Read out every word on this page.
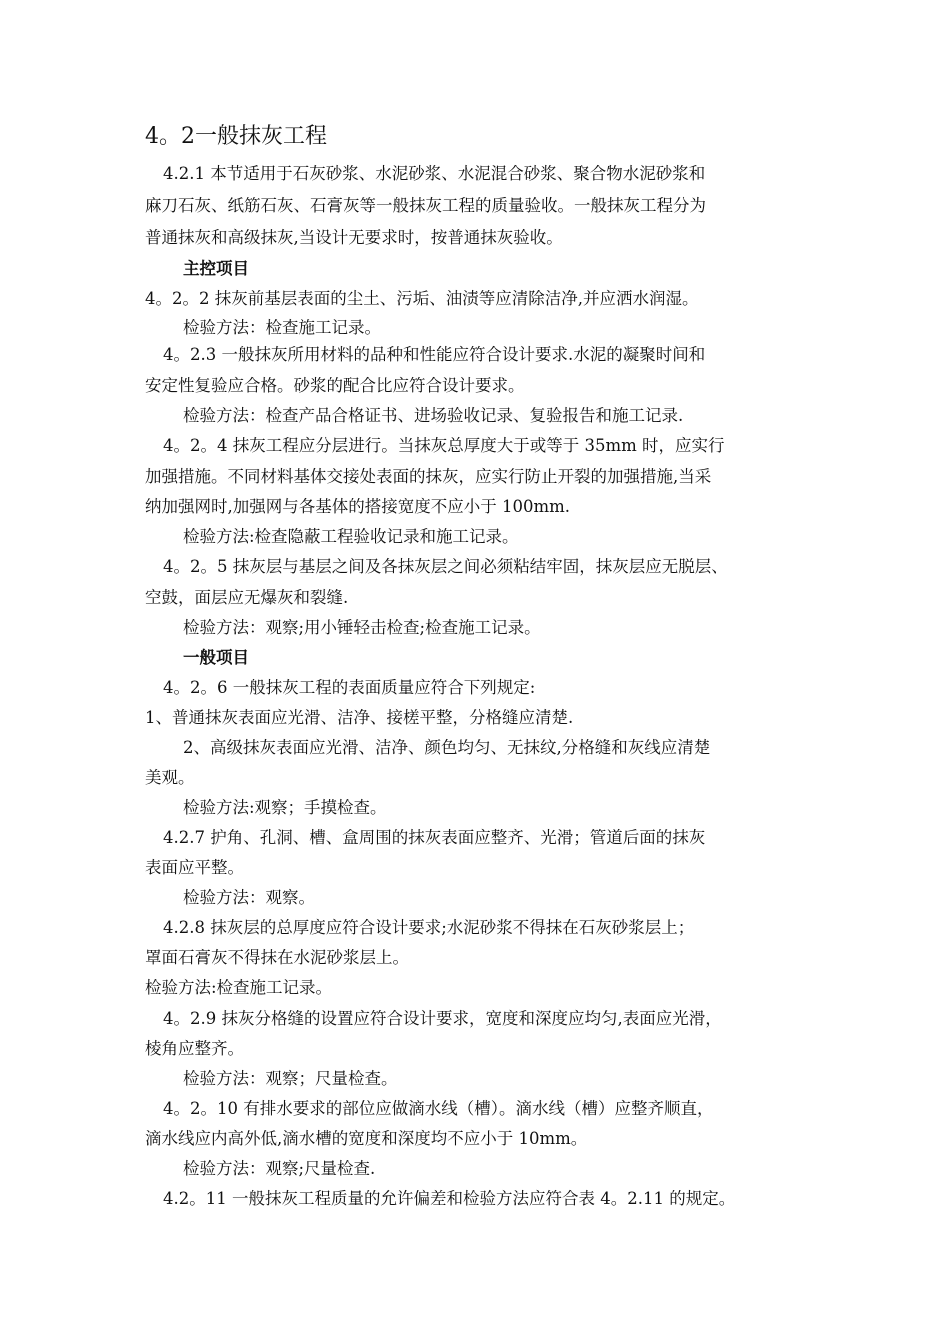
4。2一般抹灰工程
4.2.1 本节适用于石灰砂浆、水泥砂浆、水泥混合砂浆、聚合物水泥砂浆和
麻刀石灰、纸筋石灰、石膏灰等一般抹灰工程的质量验收。一般抹灰工程分为
普通抹灰和高级抹灰,当设计无要求时，按普通抹灰验收。
主控项目
4。2。2 抹灰前基层表面的尘土、污垢、油渍等应清除洁净,并应洒水润湿。
检验方法：检查施工记录。
4。2.3 一般抹灰所用材料的品种和性能应符合设计要求.水泥的凝聚时间和
安定性复验应合格。砂浆的配合比应符合设计要求。
检验方法：检查产品合格证书、进场验收记录、复验报告和施工记录.
4。2。4 抹灰工程应分层进行。当抹灰总厚度大于或等于 35mm 时，应实行
加强措施。不同材料基体交接处表面的抹灰，应实行防止开裂的加强措施,当采
纳加强网时,加强网与各基体的搭接宽度不应小于 100mm.
检验方法:检查隐蔽工程验收记录和施工记录。
4。2。5 抹灰层与基层之间及各抹灰层之间必须粘结牢固，抹灰层应无脱层、
空鼓，面层应无爆灰和裂缝.
检验方法：观察;用小锤轻击检查;检查施工记录。
一般项目
4。2。6 一般抹灰工程的表面质量应符合下列规定:
1、普通抹灰表面应光滑、洁净、接槎平整，分格缝应清楚.
2、高级抹灰表面应光滑、洁净、颜色均匀、无抹纹,分格缝和灰线应清楚
美观。
检验方法:观察；手摸检查。
4.2.7 护角、孔洞、槽、盒周围的抹灰表面应整齐、光滑；管道后面的抹灰
表面应平整。
检验方法：观察。
4.2.8 抹灰层的总厚度应符合设计要求;水泥砂浆不得抹在石灰砂浆层上；
罩面石膏灰不得抹在水泥砂浆层上。
检验方法:检查施工记录。
4。2.9 抹灰分格缝的设置应符合设计要求，宽度和深度应均匀,表面应光滑，
棱角应整齐。
检验方法：观察；尺量检查。
4。2。10 有排水要求的部位应做滴水线（槽）。滴水线（槽）应整齐顺直，
滴水线应内高外低,滴水槽的宽度和深度均不应小于 10mm。
检验方法：观察;尺量检查.
4.2。11 一般抹灰工程质量的允许偏差和检验方法应符合表 4。2.11 的规定。
